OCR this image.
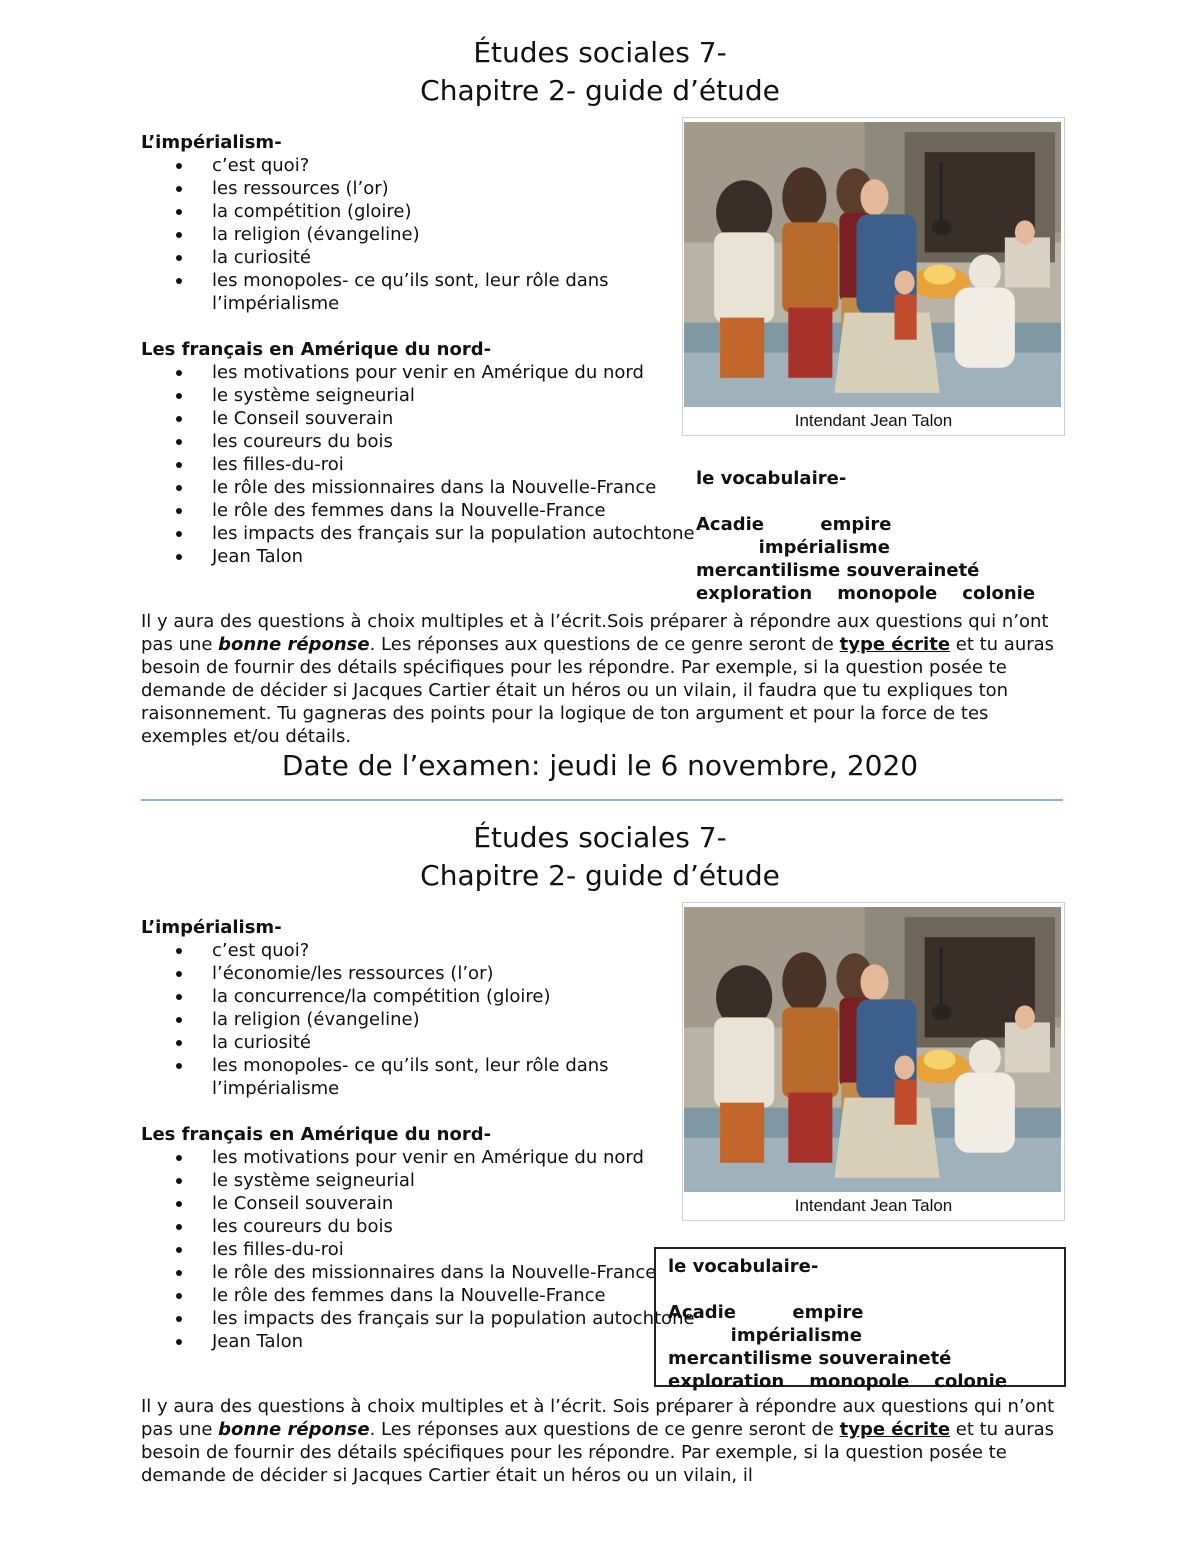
Études sociales 7-
Chapitre 2- guide d’étude
L’impérialism-
c’est quoi?
les ressources (l’or)
la compétition (gloire)
la religion (évangeline)
la curiosité
les monopoles- ce qu’ils sont, leur rôle dans l’impérialisme
Les français en Amérique du nord-
les motivations pour venir en Amérique du nord
le système seigneurial
le Conseil souverain
les coureurs du bois
les filles-du-roi
le rôle des missionnaires dans la Nouvelle-France
le rôle des femmes dans la Nouvelle-France
les impacts des français sur la population autochtone
Jean Talon
Intendant Jean Talon
le vocabulaire-

Acadie         empire
impérialisme
mercantilisme souveraineté
exploration    monopole    colonie

Il y aura des questions à choix multiples et à l’écrit.Sois préparer à répondre aux questions qui n’ont pas une bonne réponse. Les réponses aux questions de ce genre seront de type écrite et tu auras besoin de fournir des détails spécifiques pour les répondre. Par exemple, si la question posée te demande de décider si Jacques Cartier était un héros ou un vilain, il faudra que tu expliques ton raisonnement. Tu gagneras des points pour la logique de ton argument et pour la force de tes exemples et/ou détails.

Date de l’examen: jeudi le 6 novembre, 2020
Études sociales 7-
Chapitre 2- guide d’étude
L’impérialism-
c’est quoi?
l’économie/les ressources (l’or)
la concurrence/la compétition (gloire)
la religion (évangeline)
la curiosité
les monopoles- ce qu’ils sont, leur rôle dans l’impérialisme
Les français en Amérique du nord-
les motivations pour venir en Amérique du nord
le système seigneurial
le Conseil souverain
les coureurs du bois
les filles-du-roi
le rôle des missionnaires dans la Nouvelle-France
le rôle des femmes dans la Nouvelle-France
les impacts des français sur la population autochtone
Jean Talon
Intendant Jean Talon
le vocabulaire-

Acadie         empire
impérialisme
mercantilisme souveraineté
exploration    monopole    colonie

Il y aura des questions à choix multiples et à l’écrit. Sois préparer à répondre aux questions qui n’ont pas une bonne réponse. Les réponses aux questions de ce genre seront de type écrite et tu auras besoin de fournir des détails spécifiques pour les répondre. Par exemple, si la question posée te demande de décider si Jacques Cartier était un héros ou un vilain, il
